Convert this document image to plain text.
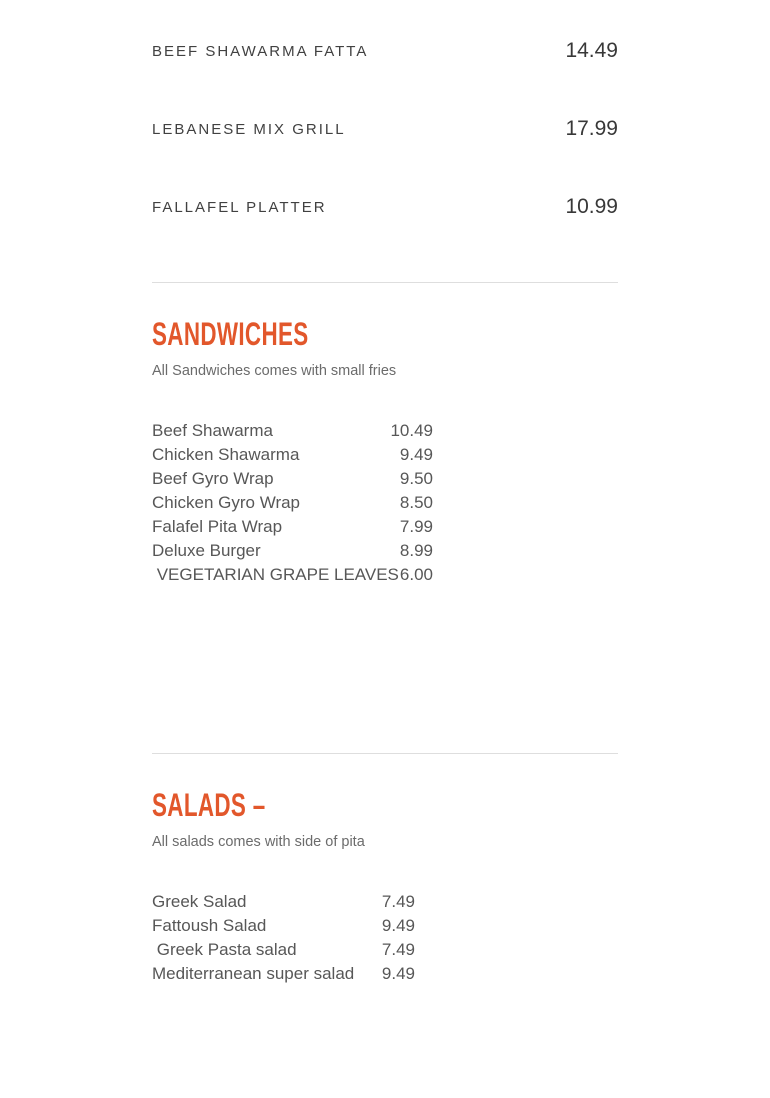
BEEF SHAWARMA FATTA	14.49
LEBANESE MIX GRILL	17.99
FALLAFEL PLATTER	10.99
SANDWICHES

All Sandwiches comes with small fries

Beef Shawarma	10.49
Chicken Shawarma	9.49
Beef Gyro Wrap	9.50
Chicken Gyro Wrap	8.50
Falafel Pita Wrap	7.99
Deluxe Burger	8.99
VEGETARIAN GRAPE LEAVES 6.00
SALADS –

All salads comes with side of pita

Greek Salad	7.49
Fattoush Salad	9.49
Greek Pasta salad	7.49
Mediterranean super salad 9.49
